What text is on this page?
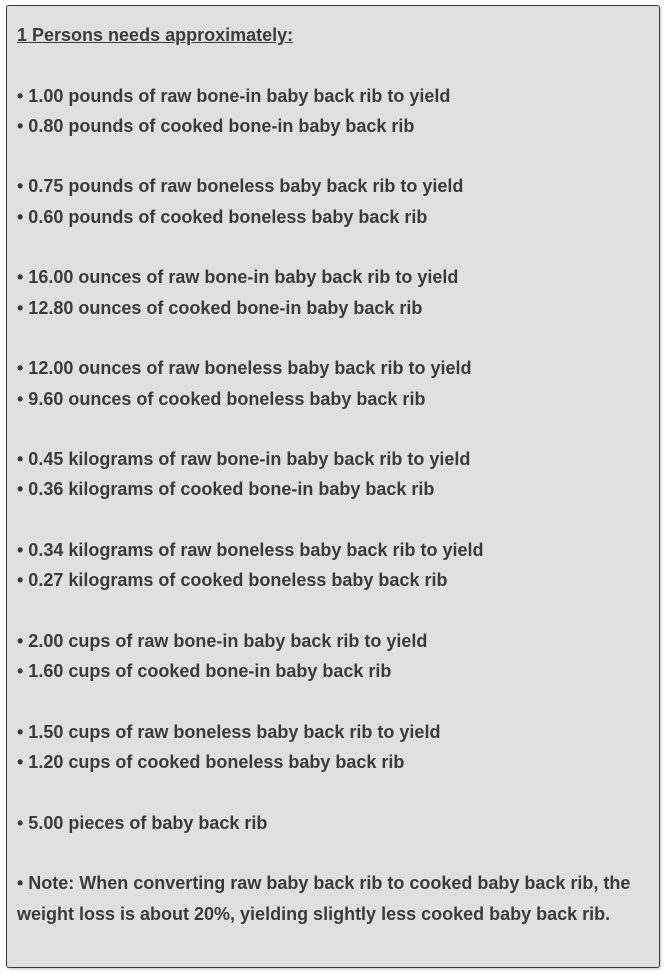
1 Persons needs approximately:
• 1.00 pounds of raw bone-in baby back rib to yield
• 0.80 pounds of cooked bone-in baby back rib
• 0.75 pounds of raw boneless baby back rib to yield
• 0.60 pounds of cooked boneless baby back rib
• 16.00 ounces of raw bone-in baby back rib to yield
• 12.80 ounces of cooked bone-in baby back rib
• 12.00 ounces of raw boneless baby back rib to yield
• 9.60 ounces of cooked boneless baby back rib
• 0.45 kilograms of raw bone-in baby back rib to yield
• 0.36 kilograms of cooked bone-in baby back rib
• 0.34 kilograms of raw boneless baby back rib to yield
• 0.27 kilograms of cooked boneless baby back rib
• 2.00 cups of raw bone-in baby back rib to yield
• 1.60 cups of cooked bone-in baby back rib
• 1.50 cups of raw boneless baby back rib to yield
• 1.20 cups of cooked boneless baby back rib
• 5.00 pieces of baby back rib
• Note: When converting raw baby back rib to cooked baby back rib, the weight loss is about 20%, yielding slightly less cooked baby back rib.
